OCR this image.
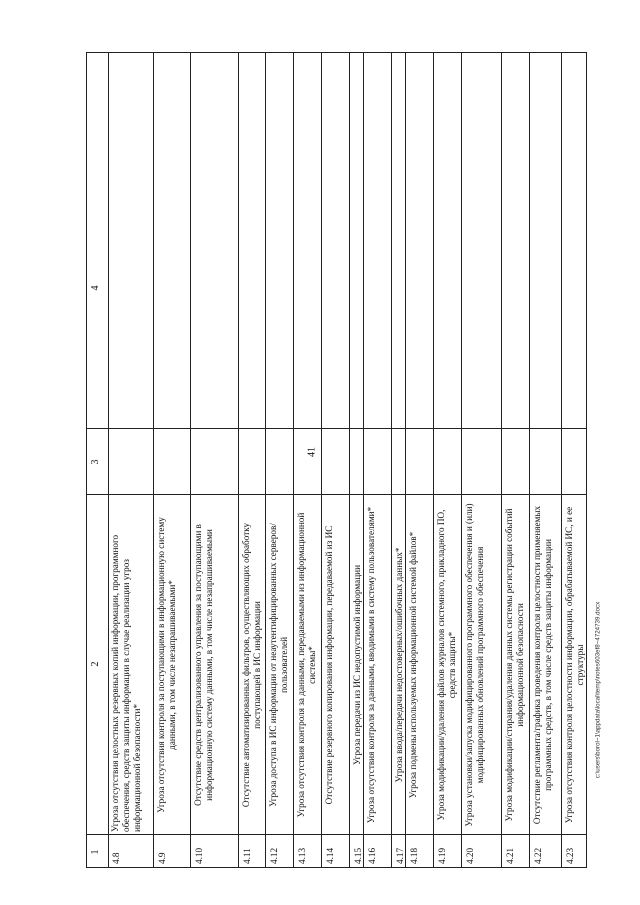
41
1
2
3
4
4.8
Угроза отсутствия целостных резервных копий информации, программного обеспечения, средств защиты информации в случае реализации угроз информационной безопасности*
4.9
Угроза отсутствия контроля за поступающими в информационную систему данными, в том числе незапрашиваемыми*
4.10
Отсутствие средств централизованного управления за поступающими в информационную систему данными, в том числе незапрашиваемыми
4.11
Отсутствие автоматизированных фильтров, осуществляющих обработку поступающей в ИС информации
4.12
Угроза доступа в ИС информации от неаутентифицированных серверов/пользователей
4.13
Угроза отсутствия контроля за данными, передаваемыми из информационной системы*
4.14
Отсутствие резервного копирования информации, передаваемой из ИС
4.15
Угроза передачи из ИС недопустимой информации
4.16
Угроза отсутствия контроля за данными, вводимыми в систему пользователями*
4.17
Угроза ввода/передачи недостоверных/ошибочных данных*
4.18
Угроза подмены используемых информационной системой файлов*
4.19
Угроза модификации/удаления файлов журналов системного, прикладного ПО, средств защиты*
4.20
Угроза установки/запуска модифицированного программного обеспечения и (или) модифицированных обновлений программного обеспечения
4.21
Угроза модификации/стирания/удаления данных системы регистрации событий информационной безопасности
4.22
Отсутствие регламента/графика проведения контроля целостности применяемых программных средств, в том числе средств защиты информации
4.23
Угроза отсутствия контроля целостности информации, обрабатываемой ИС, и ее структуры c:\users\borol~1\appdata\local\temp\notes603ef8~4724739.docx
